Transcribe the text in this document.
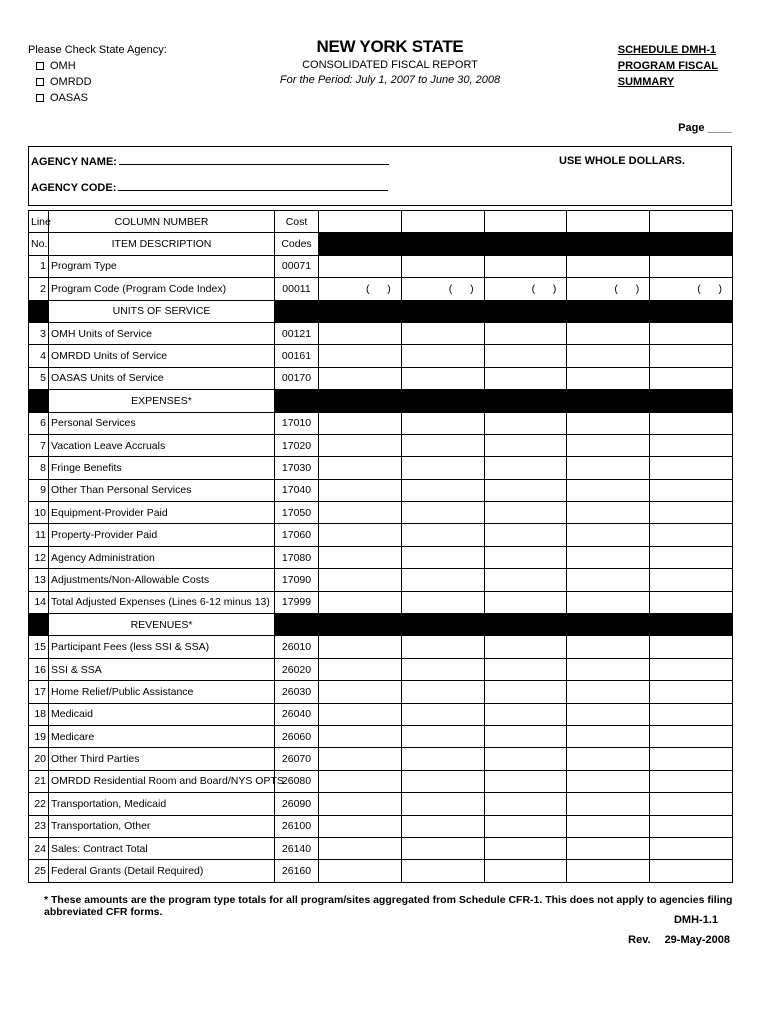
Please Check State Agency:
OMH
OMRDD
OASAS
NEW YORK STATE
CONSOLIDATED FISCAL REPORT
For the Period: July 1, 2007 to June 30, 2008
SCHEDULE DMH-1
PROGRAM FISCAL
SUMMARY
Page ____
AGENCY NAME:
AGENCY CODE:
USE WHOLE DOLLARS.
Line	COLUMN NUMBER	Cost					
No.	ITEM DESCRIPTION	Codes					
1	Program Type	00071					
2	Program Code (Program Code Index)	00011	( )	( )	( )	( )	( )

	UNITS OF SERVICE						
3	OMH Units of Service	00121					
4	OMRDD Units of Service	00161					
5	OASAS Units of Service	00170					
	EXPENSES*						
6	Personal Services	17010					
7	Vacation Leave Accruals	17020					
8	Fringe Benefits	17030					
9	Other Than Personal Services	17040					
10	Equipment-Provider Paid	17050					
11	Property-Provider Paid	17060					
12	Agency Administration	17080					
13	Adjustments/Non-Allowable Costs	17090					
14	Total Adjusted Expenses (Lines 6-12 minus 13)	17999					
	REVENUES*						
15	Participant Fees (less SSI & SSA)	26010					
16	SSI & SSA	26020					
17	Home Relief/Public Assistance	26030					
18	Medicaid	26040					
19	Medicare	26060					
20	Other Third Parties	26070					
21	OMRDD Residential Room and Board/NYS OPTS	26080					
22	Transportation, Medicaid	26090					
23	Transportation, Other	26100					
24	Sales: Contract Total	26140					
25	Federal Grants (Detail Required)	26160					
* These amounts are the program type totals for all program/sites aggregated from Schedule CFR-1. This does not apply to agencies filing abbreviated CFR forms.
DMH-1.1
Rev. 29-May-2008
